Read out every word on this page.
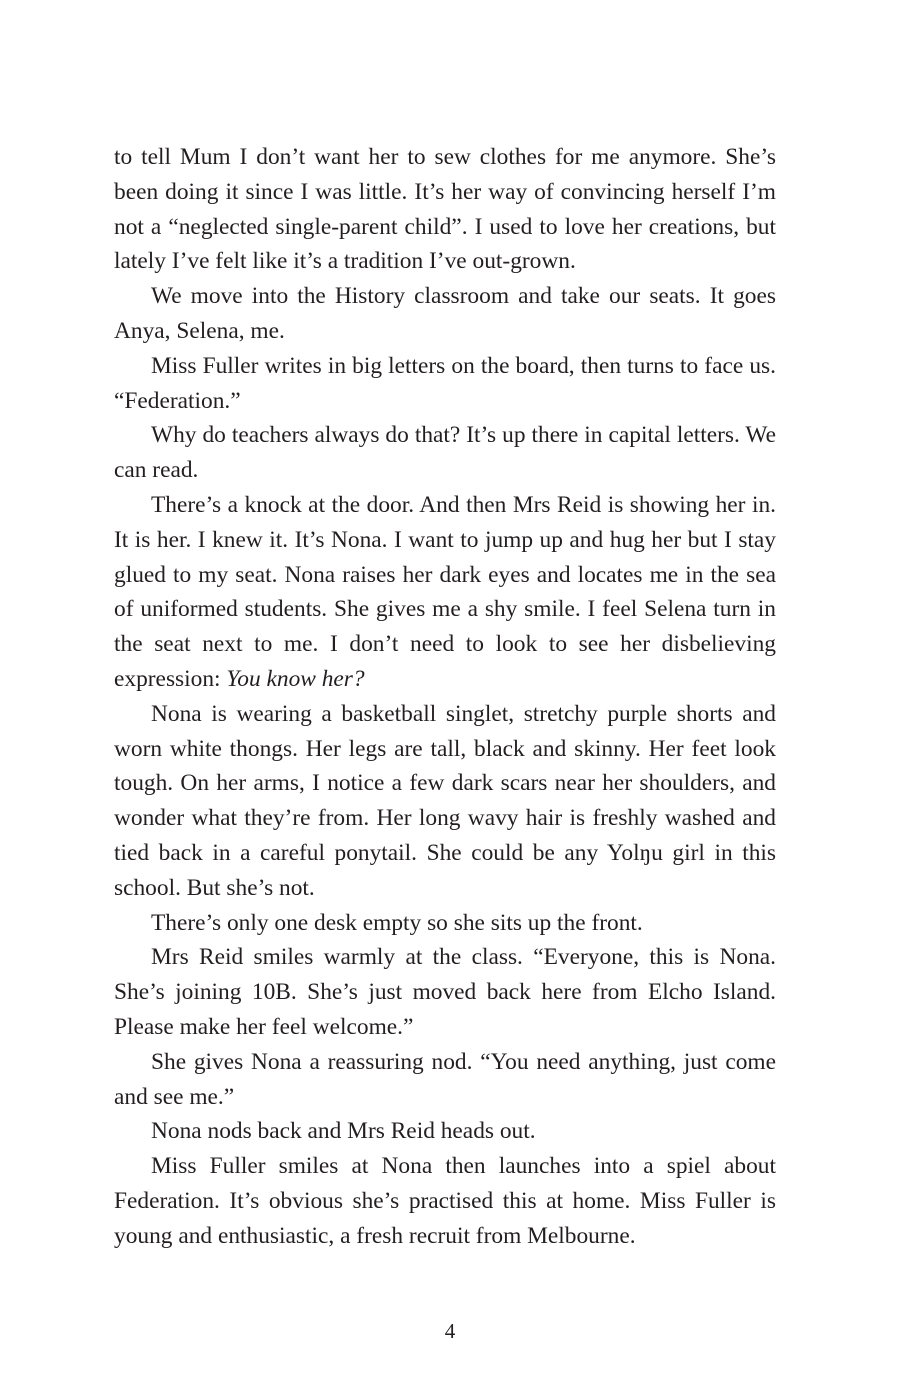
to tell Mum I don’t want her to sew clothes for me anymore. She’s been doing it since I was little. It’s her way of convincing herself I’m not a “neglected single-parent child”. I used to love her creations, but lately I’ve felt like it’s a tradition I’ve out-grown.

We move into the History classroom and take our seats. It goes Anya, Selena, me.

Miss Fuller writes in big letters on the board, then turns to face us. “Federation.”

Why do teachers always do that? It’s up there in capital letters. We can read.

There’s a knock at the door. And then Mrs Reid is showing her in. It is her. I knew it. It’s Nona. I want to jump up and hug her but I stay glued to my seat. Nona raises her dark eyes and locates me in the sea of uniformed students. She gives me a shy smile. I feel Selena turn in the seat next to me. I don’t need to look to see her disbelieving expression: You know her?

Nona is wearing a basketball singlet, stretchy purple shorts and worn white thongs. Her legs are tall, black and skinny. Her feet look tough. On her arms, I notice a few dark scars near her shoulders, and wonder what they’re from. Her long wavy hair is freshly washed and tied back in a careful ponytail. She could be any Yolŋu girl in this school. But she’s not.

There’s only one desk empty so she sits up the front.

Mrs Reid smiles warmly at the class. “Everyone, this is Nona. She’s joining 10B. She’s just moved back here from Elcho Island. Please make her feel welcome.”

She gives Nona a reassuring nod. “You need anything, just come and see me.”

Nona nods back and Mrs Reid heads out.

Miss Fuller smiles at Nona then launches into a spiel about Federation. It’s obvious she’s practised this at home. Miss Fuller is young and enthusiastic, a fresh recruit from Melbourne.

4
